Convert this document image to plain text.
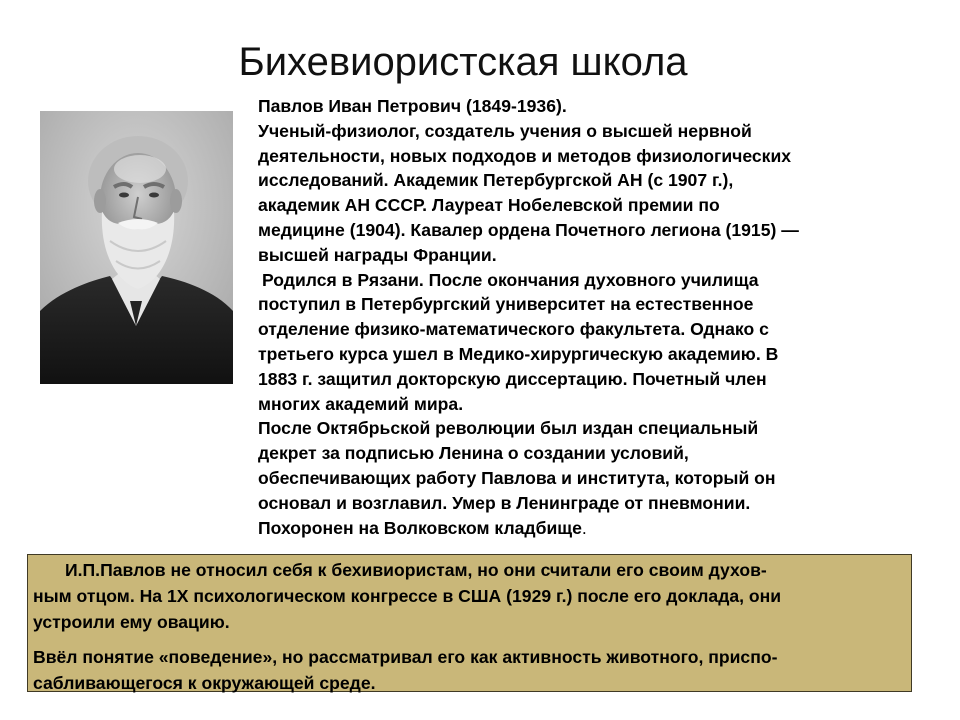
Бихевиористская школа

Павлов Иван Петрович (1849-1936).

Ученый-физиолог, создатель учения о высшей нервной

деятельности, новых подходов и методов физиологических

исследований. Академик Петербургской АН (с 1907 г.),

академик АН СССР. Лауреат Нобелевской премии по

медицине (1904). Кавалер ордена Почетного легиона (1915) —

высшей награды Франции.

Родился в Рязани. После окончания духовного училища

поступил в Петербургский университет на естественное

отделение физико-математического факультета. Однако с

третьего курса ушел в Медико-хирургическую академию. В

1883 г. защитил докторскую диссертацию. Почетный член

многих академий мира.

После Октябрьской революции был издан специальный

декрет за подписью Ленина о создании условий,

обеспечивающих работу Павлова и института, который он

основал и возглавил. Умер в Ленинграде от пневмонии.

Похоронен на Волковском кладбище.

И.П.Павлов не относил себя к бехивиористам, но они считали его своим духов-
ным отцом. На 1Х психологическом конгрессе в США (1929 г.) после его доклада, они
устроили ему овацию.

Ввёл понятие «поведение», но рассматривал его как активность животного, приспо-
сабливающегося к окружающей среде.
